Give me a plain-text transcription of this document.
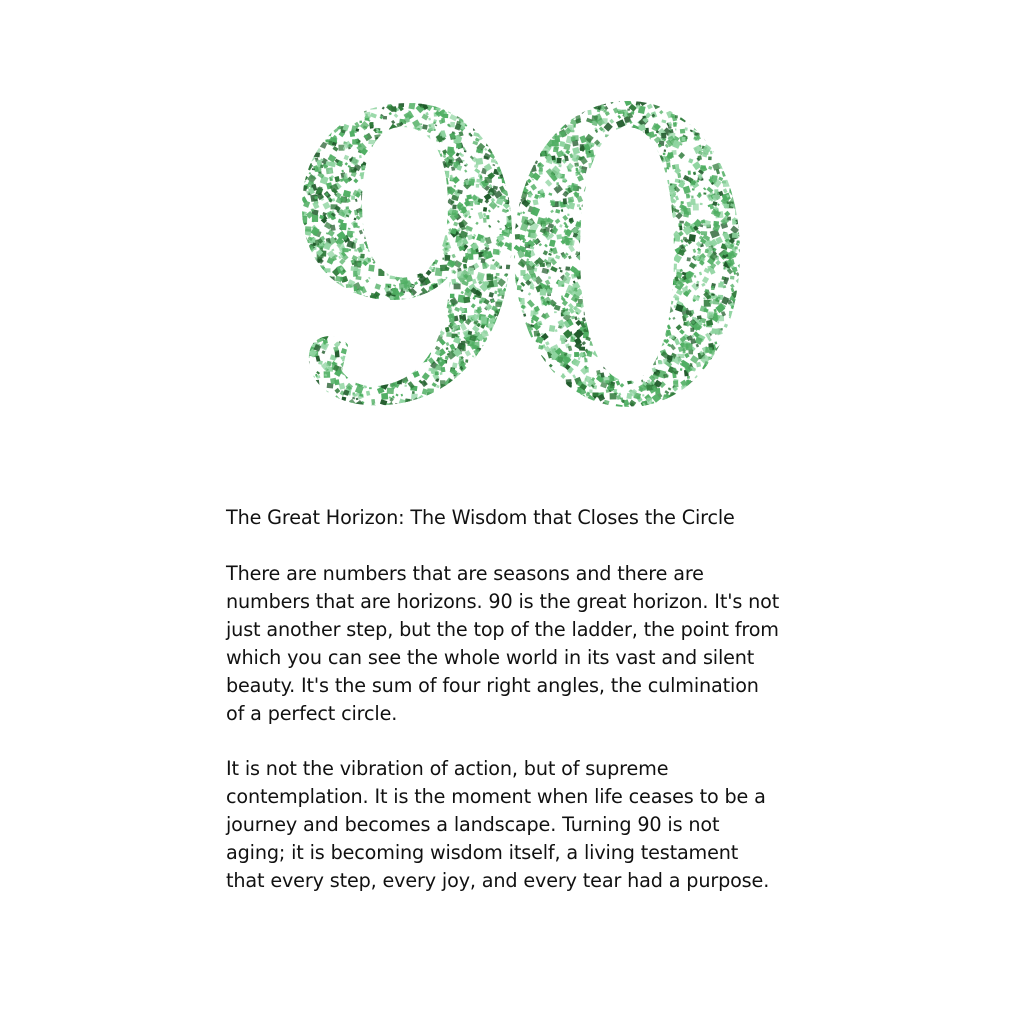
The Great Horizon: The Wisdom that Closes the Circle

There are numbers that are seasons and there are
numbers that are horizons. 90 is the great horizon. It's not
just another step, but the top of the ladder, the point from
which you can see the whole world in its vast and silent
beauty. It's the sum of four right angles, the culmination
of a perfect circle.

It is not the vibration of action, but of supreme
contemplation. It is the moment when life ceases to be a
journey and becomes a landscape. Turning 90 is not
aging; it is becoming wisdom itself, a living testament
that every step, every joy, and every tear had a purpose.
